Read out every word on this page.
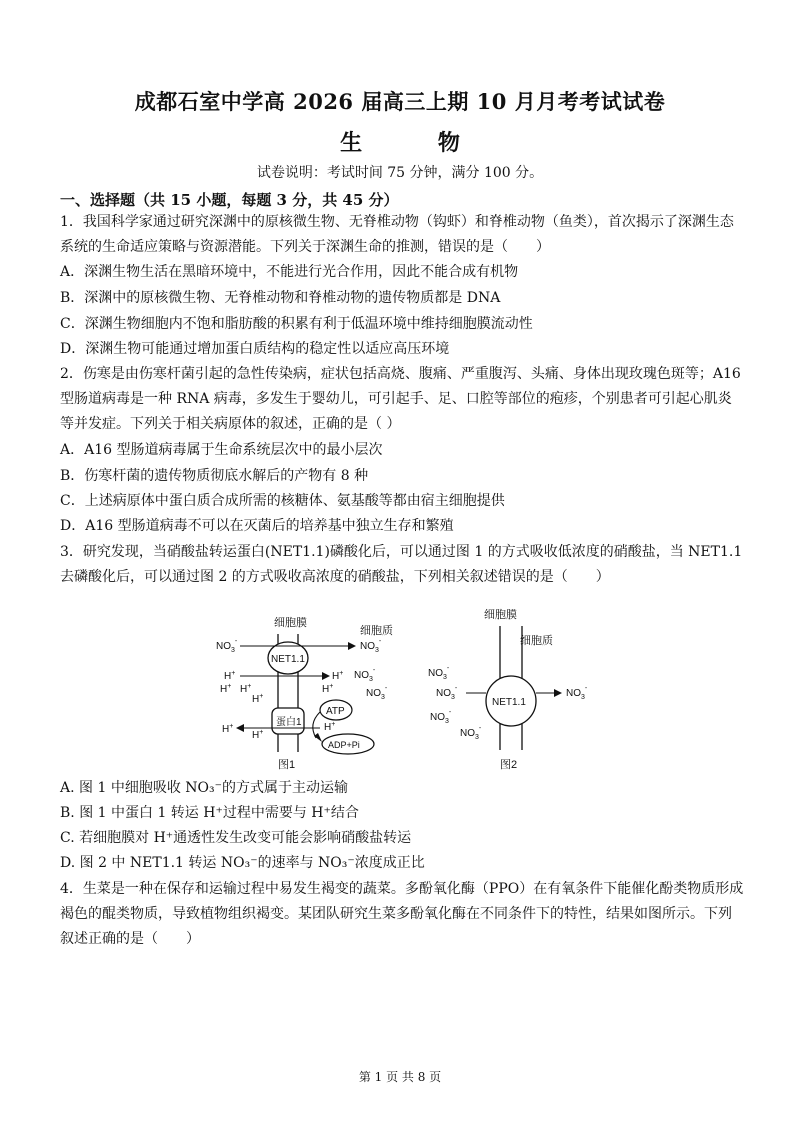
成都石室中学高 2026 届高三上期 10 月月考考试试卷
生 物
试卷说明：考试时间 75 分钟，满分 100 分。
一、选择题（共 15 小题，每题 3 分，共 45 分）

1．我国科学家通过研究深渊中的原核微生物、无脊椎动物（钩虾）和脊椎动物（鱼类），首次揭示了深渊生态系统的生命适应策略与资源潜能。下列关于深渊生命的推测，错误的是（　　）

A．深渊生物生活在黑暗环境中，不能进行光合作用，因此不能合成有机物

B．深渊中的原核微生物、无脊椎动物和脊椎动物的遗传物质都是 DNA

C．深渊生物细胞内不饱和脂肪酸的积累有利于低温环境中维持细胞膜流动性

D．深渊生物可能通过增加蛋白质结构的稳定性以适应高压环境

2．伤寒是由伤寒杆菌引起的急性传染病，症状包括高烧、腹痛、严重腹泻、头痛、身体出现玫瑰色斑等；A16 型肠道病毒是一种 RNA 病毒，多发生于婴幼儿，可引起手、足、口腔等部位的疱疹，个别患者可引起心肌炎等并发症。下列关于相关病原体的叙述，正确的是（ ）

A．A16 型肠道病毒属于生命系统层次中的最小层次

B．伤寒杆菌的遗传物质彻底水解后的产物有 8 种

C．上述病原体中蛋白质合成所需的核糖体、氨基酸等都由宿主细胞提供

D．A16 型肠道病毒不可以在灭菌后的培养基中独立生存和繁殖

3．研究发现，当硝酸盐转运蛋白(NET1.1)磷酸化后，可以通过图 1 的方式吸收低浓度的硝酸盐，当 NET1.1 去磷酸化后，可以通过图 2 的方式吸收高浓度的硝酸盐，下列相关叙述错误的是（　　）

细胞膜
细胞质
NET1.1
$NO_3^-$	$NO_3^-$
$NO_3^-$
$NO_3^-$
H+	H+
H+ H+
H+
H+
H+
蛋白1
H+	H+
ATP
ADP+Pi
图1
细胞膜
细胞质
NET1.1
$NO_3^-$
$NO_3^-$
$NO_3^-$
$NO_3^-$
$NO_3^-$
图2

A. 图 1 中细胞吸收 NO₃⁻的方式属于主动运输

B. 图 1 中蛋白 1 转运 H⁺过程中需要与 H⁺结合

C. 若细胞膜对 H⁺通透性发生改变可能会影响硝酸盐转运

D. 图 2 中 NET1.1 转运 NO₃⁻的速率与 NO₃⁻浓度成正比

4．生菜是一种在保存和运输过程中易发生褐变的蔬菜。多酚氧化酶（PPO）在有氧条件下能催化酚类物质形成褐色的醌类物质，导致植物组织褐变。某团队研究生菜多酚氧化酶在不同条件下的特性，结果如图所示。下列叙述正确的是（　　）

第 1 页 共 8 页
